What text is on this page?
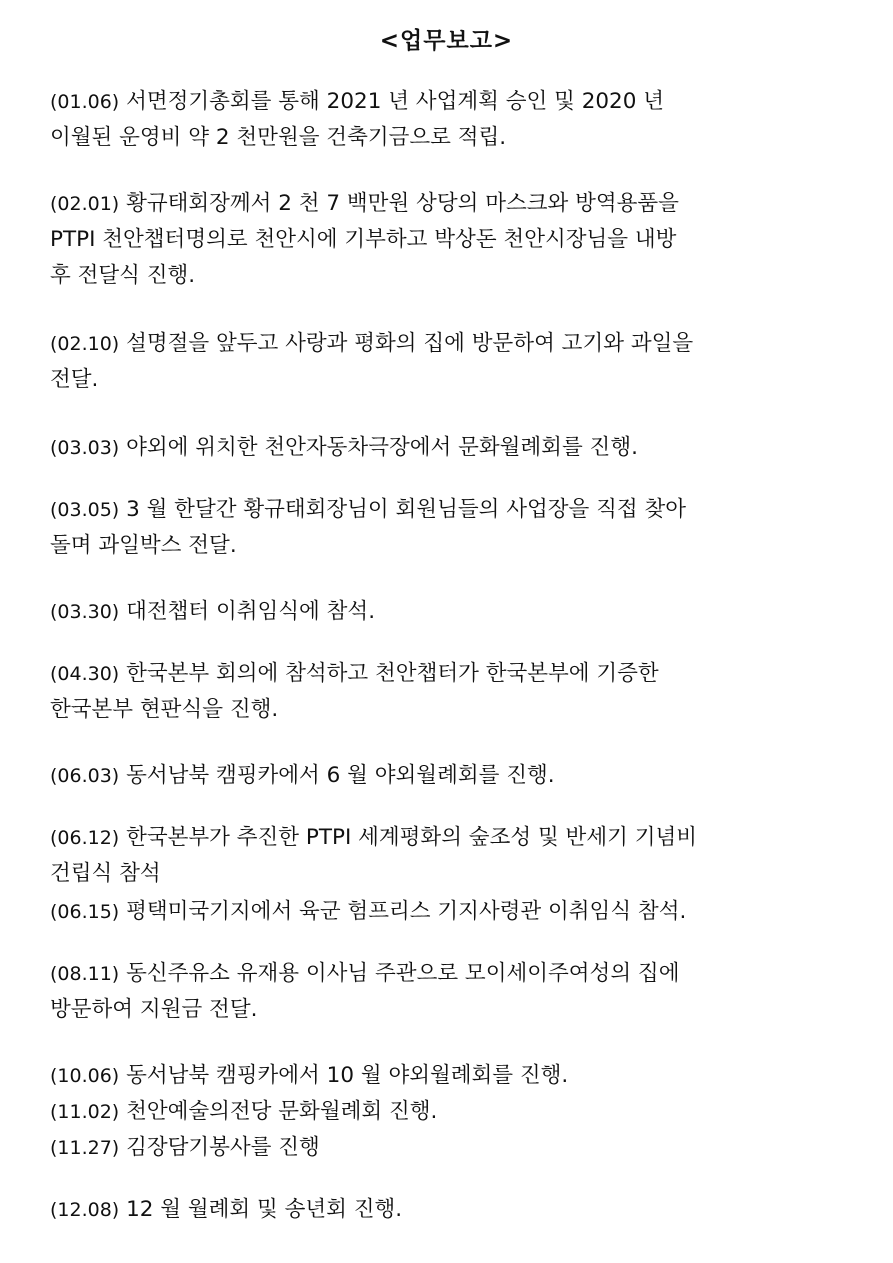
<업무보고>
(01.06) 서면정기총회를 통해 2021 년 사업계획 승인 및 2020 년
이월된 운영비 약 2 천만원을 건축기금으로 적립.
(02.01) 황규태회장께서 2 천 7 백만원 상당의 마스크와 방역용품을
PTPI 천안챕터명의로 천안시에 기부하고 박상돈 천안시장님을 내방
후 전달식 진행.
(02.10) 설명절을 앞두고 사랑과 평화의 집에 방문하여 고기와 과일을
전달.
(03.03) 야외에 위치한 천안자동차극장에서 문화월례회를 진행.
(03.05) 3 월 한달간 황규태회장님이 회원님들의 사업장을 직접 찾아
돌며 과일박스 전달.
(03.30) 대전챕터 이취임식에 참석.
(04.30) 한국본부 회의에 참석하고 천안챕터가 한국본부에 기증한
한국본부 현판식을 진행.
(06.03) 동서남북 캠핑카에서 6 월 야외월례회를 진행.
(06.12) 한국본부가 추진한 PTPI 세계평화의 숲조성 및 반세기 기념비
건립식 참석
(06.15) 평택미국기지에서 육군 험프리스 기지사령관 이취임식 참석.
(08.11) 동신주유소 유재용 이사님 주관으로 모이세이주여성의 집에
방문하여 지원금 전달.
(10.06) 동서남북 캠핑카에서 10 월 야외월례회를 진행.
(11.02) 천안예술의전당 문화월례회 진행.
(11.27) 김장담기봉사를 진행
(12.08) 12 월 월례회 및 송년회 진행.
